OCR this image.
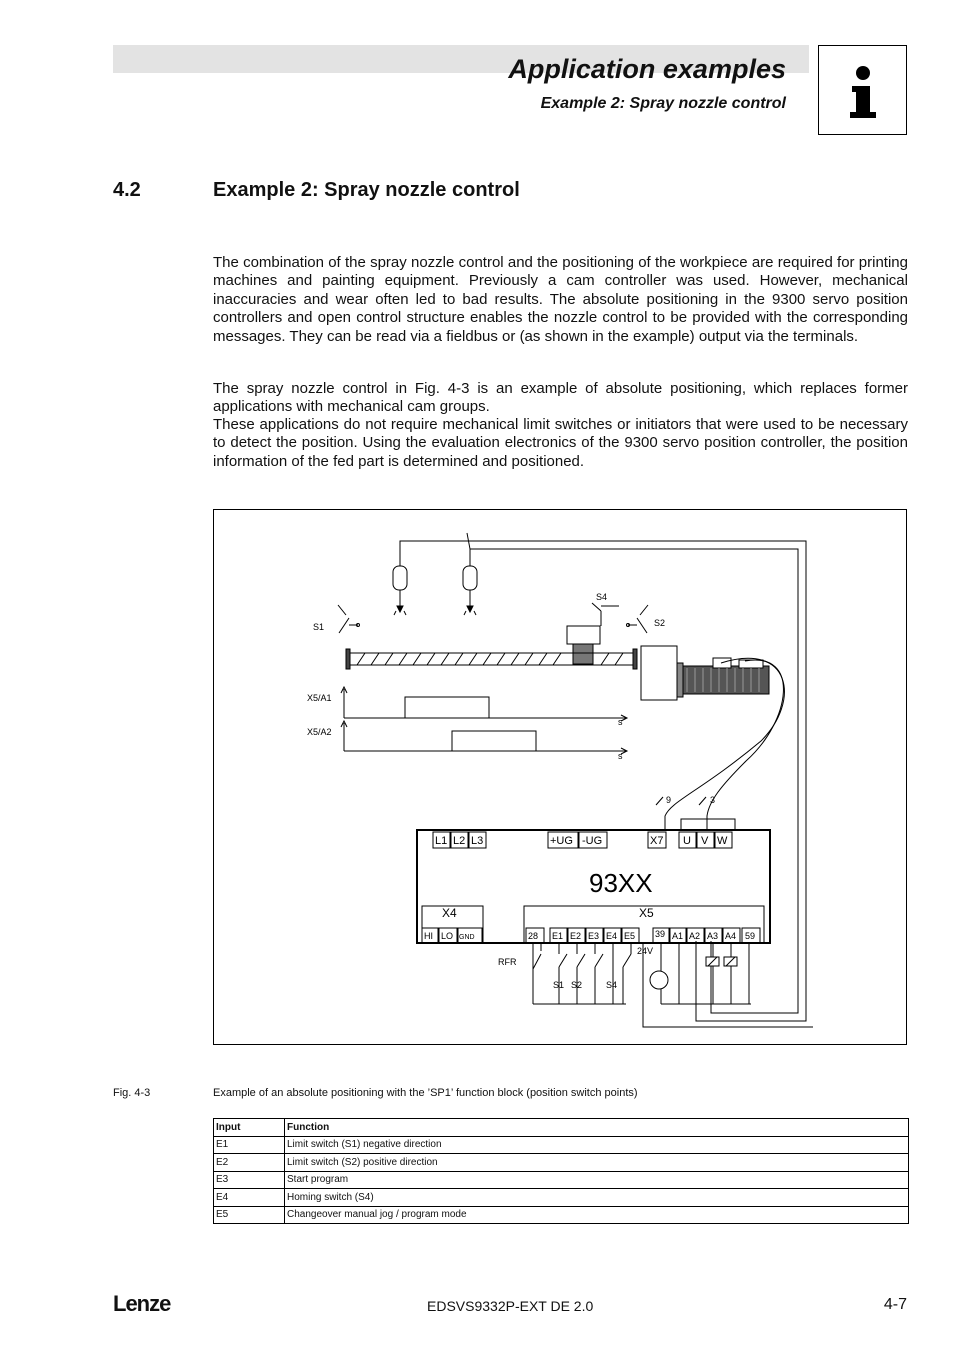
Application examples
Example 2: Spray nozzle control
4.2	Example 2: Spray nozzle control
The combination of the spray nozzle control and the positioning of the workpiece are required for printing machines and painting equipment. Previously a cam controller was used. However, mechanical inaccuracies and wear often led to bad results. The absolute positioning in the 9300 servo position controllers and open control structure enables the nozzle control to be provided with the corresponding messages. They can be read via a fieldbus or (as shown in the example) output via the terminals.
The spray nozzle control in Fig. 4-3 is an example of absolute positioning, which replaces former applications with mechanical cam groups.
These applications do not require mechanical limit switches or initiators that were used to be necessary to detect the position. Using the evaluation electronics of the 9300 servo position controller, the position information of the fed part is determined and positioned.
S1	S2
S4
X5/A1
X5/A2
s
s
9	3
L1 L2 L3	+UG -UG	X7 U V W
93XX
X4	X5
HI LO GND	28 E1 E2 E3 E4 E5 39 A1 A2 A3 A4 59
RFR
24V
S1 S2	S4
Fig. 4-3	Example of an absolute positioning with the ’SP1’ function block (position switch points)
Input	Function
E1	Limit switch (S1) negative direction
E2	Limit switch (S2) positive direction
E3	Start program
E4	Homing switch (S4)
E5	Changeover manual jog / program mode
Lenze	EDSVS9332P-EXT DE 2.0	4-7
